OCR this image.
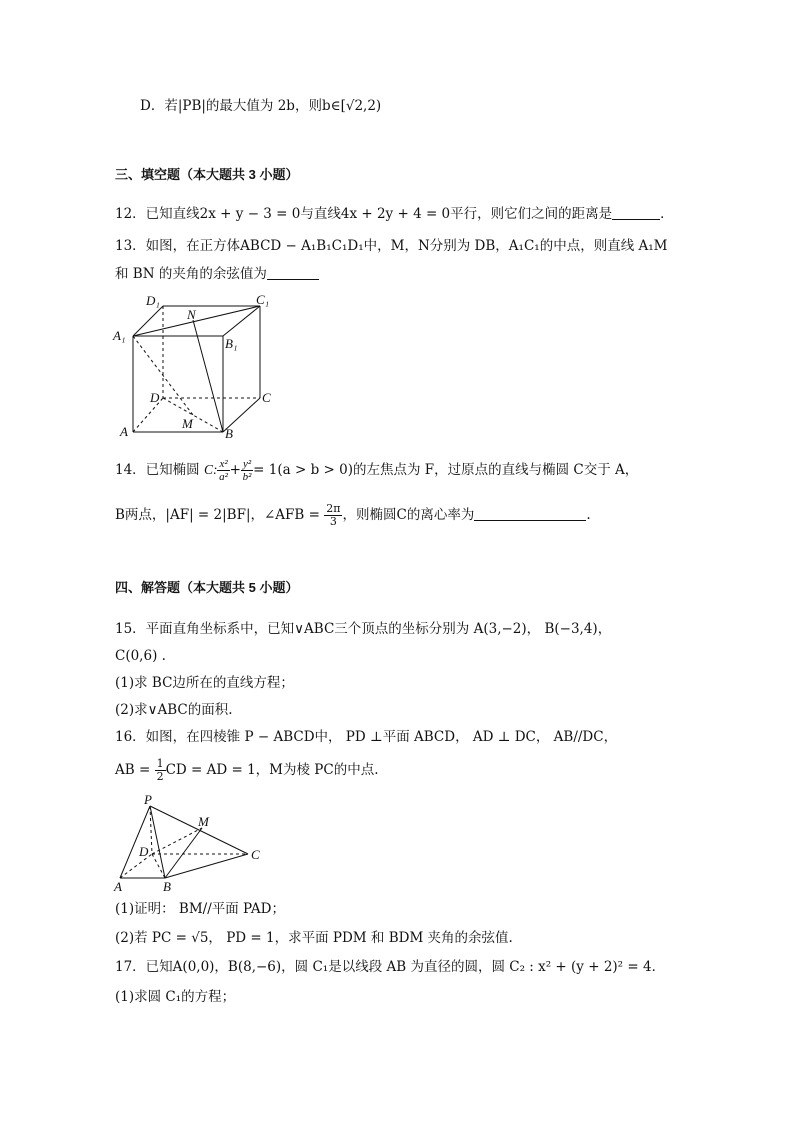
D．若|PB|的最大值为 2b，则b∈[√2,2)
三、填空题（本大题共 3 小题）
12．已知直线2x + y − 3 = 0与直线4x + 2y + 4 = 0平行，则它们之间的距离是	．
13．如图，在正方体ABCD − A₁B₁C₁D₁中，M，N分别为 DB，A₁C₁的中点，则直线 A₁M
和 BN 的夹角的余弦值为
D₁	C₁
A₁
B₁
N
D	C
A	B
M
14．已知椭圆 C: $\frac{\text{x²}}{\text{a²}} + \frac{\text{y²}}{\text{b²}} = 1(a > b > 0)$的左焦点为 F，过原点的直线与椭圆 C交于 A，
B两点，|AF| = 2|BF|，∠AFB = $\frac{2\pi}{3}$ ，则椭圆C的离心率为	.
四、解答题（本大题共 5 小题）
15．平面直角坐标系中，已知∨ABC三个顶点的坐标分别为 A(3,−2)， B(−3,4)，
C(0,6) .
(1)求 BC边所在的直线方程；
(2)求∨ABC的面积.
16．如图，在四棱锥 P − ABCD中， PD ⊥平面 ABCD， AD ⊥ DC， AB//DC，
AB = $\frac{1}{2}$ CD = AD = 1，M为棱 PC的中点.
P
M
D	C
A	B
(1)证明： BM//平面 PAD；
(2)若 PC = √5， PD = 1，求平面 PDM 和 BDM 夹角的余弦值.
17．已知A(0,0)，B(8,−6)，圆 C₁是以线段 AB 为直径的圆，圆 C₂ : x² + (y + 2)² = 4．
(1)求圆 C₁的方程；
